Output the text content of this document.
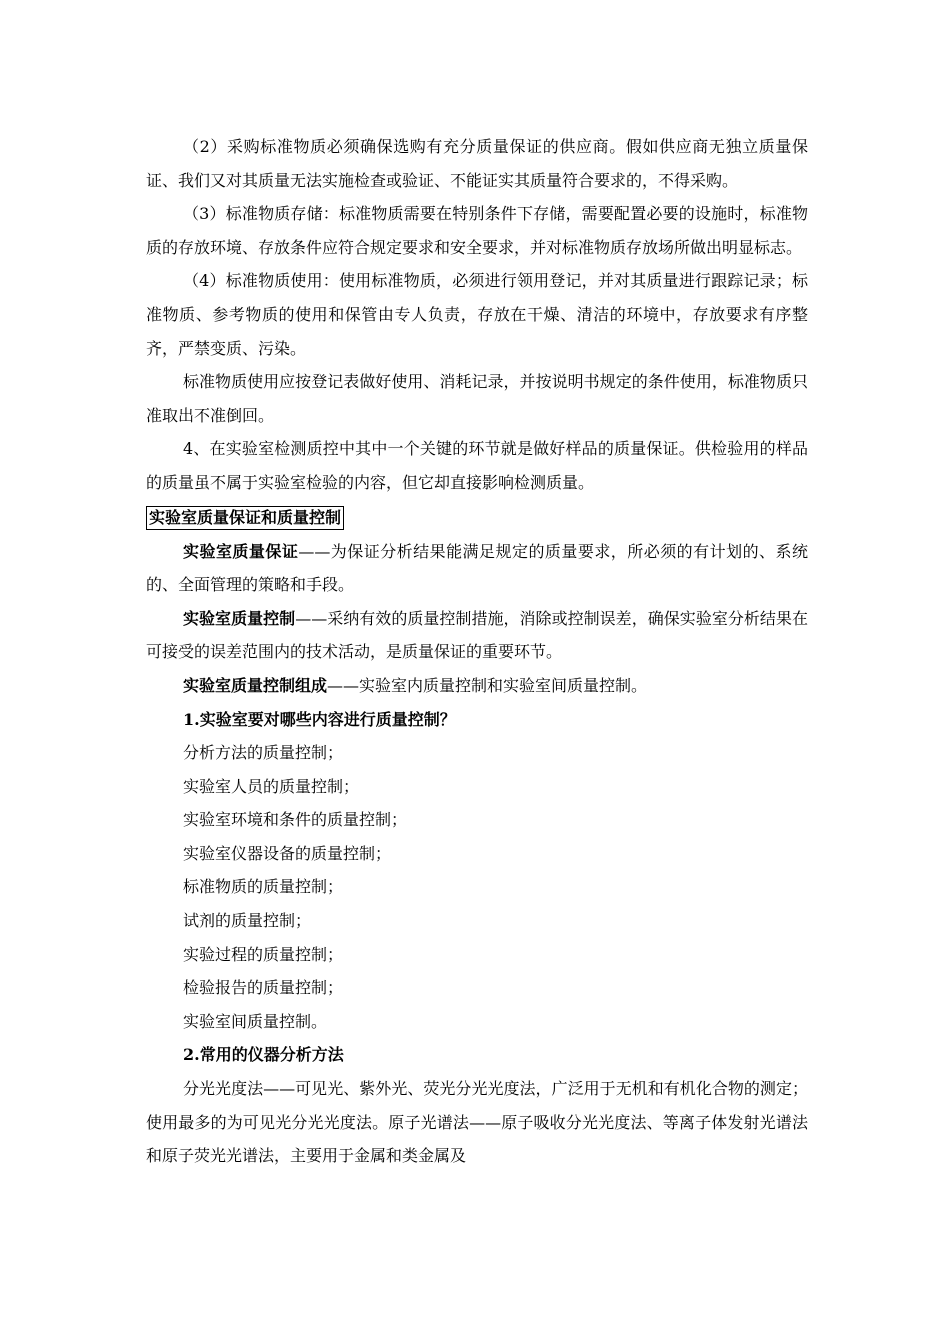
（2）采购标准物质必须确保选购有充分质量保证的供应商。假如供应商无独立质量保证、我们又对其质量无法实施检查或验证、不能证实其质量符合要求的，不得采购。

（3）标准物质存储：标准物质需要在特别条件下存储，需要配置必要的设施时，标准物质的存放环境、存放条件应符合规定要求和安全要求，并对标准物质存放场所做出明显标志。

（4）标准物质使用：使用标准物质，必须进行领用登记，并对其质量进行跟踪记录；标准物质、参考物质的使用和保管由专人负责，存放在干燥、清洁的环境中，存放要求有序整齐，严禁变质、污染。

标准物质使用应按登记表做好使用、消耗记录，并按说明书规定的条件使用，标准物质只准取出不准倒回。

4、在实验室检测质控中其中一个关键的环节就是做好样品的质量保证。供检验用的样品的质量虽不属于实验室检验的内容，但它却直接影响检测质量。

实验室质量保证和质量控制

实验室质量保证——为保证分析结果能满足规定的质量要求，所必须的有计划的、系统的、全面管理的策略和手段。

实验室质量控制——采纳有效的质量控制措施，消除或控制误差，确保实验室分析结果在可接受的误差范围内的技术活动，是质量保证的重要环节。

实验室质量控制组成——实验室内质量控制和实验室间质量控制。

1.实验室要对哪些内容进行质量控制？

分析方法的质量控制；

实验室人员的质量控制；

实验室环境和条件的质量控制；

实验室仪器设备的质量控制；

标准物质的质量控制；

试剂的质量控制；

实验过程的质量控制；

检验报告的质量控制；

实验室间质量控制。

2.常用的仪器分析方法

分光光度法——可见光、紫外光、荧光分光光度法，广泛用于无机和有机化合物的测定；使用最多的为可见光分光光度法。原子光谱法——原子吸收分光光度法、等离子体发射光谱法和原子荧光光谱法，主要用于金属和类金属及
